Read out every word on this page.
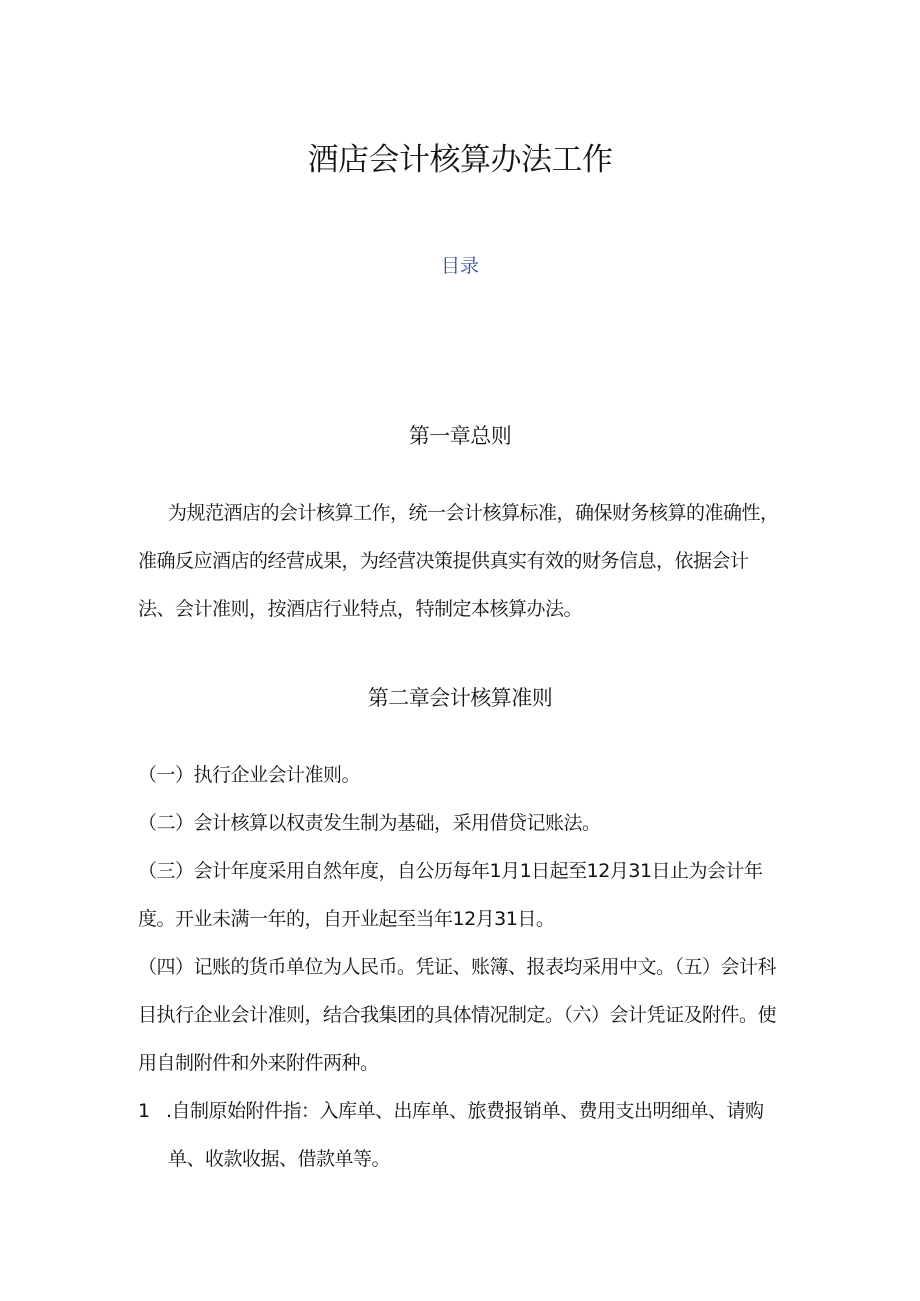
酒店会计核算办法工作
目录
第一章总则

为规范酒店的会计核算工作，统一会计核算标准，确保财务核算的准确性，准确反应酒店的经营成果，为经营决策提供真实有效的财务信息，依据会计法、会计准则，按酒店行业特点，特制定本核算办法。

第二章会计核算准则

（一）执行企业会计准则。

（二）会计核算以权责发生制为基础，采用借贷记账法。

（三）会计年度采用自然年度，自公历每年1月1日起至12月31日止为会计年度。开业未满一年的，自开业起至当年12月31日。

（四）记账的货币单位为人民币。凭证、账簿、报表均采用中文。（五）会计科目执行企业会计准则，结合我集团的具体情况制定。（六）会计凭证及附件。使用自制附件和外来附件两种。

1 .自制原始附件指：入库单、出库单、旅费报销单、费用支出明细单、请购单、收款收据、借款单等。
